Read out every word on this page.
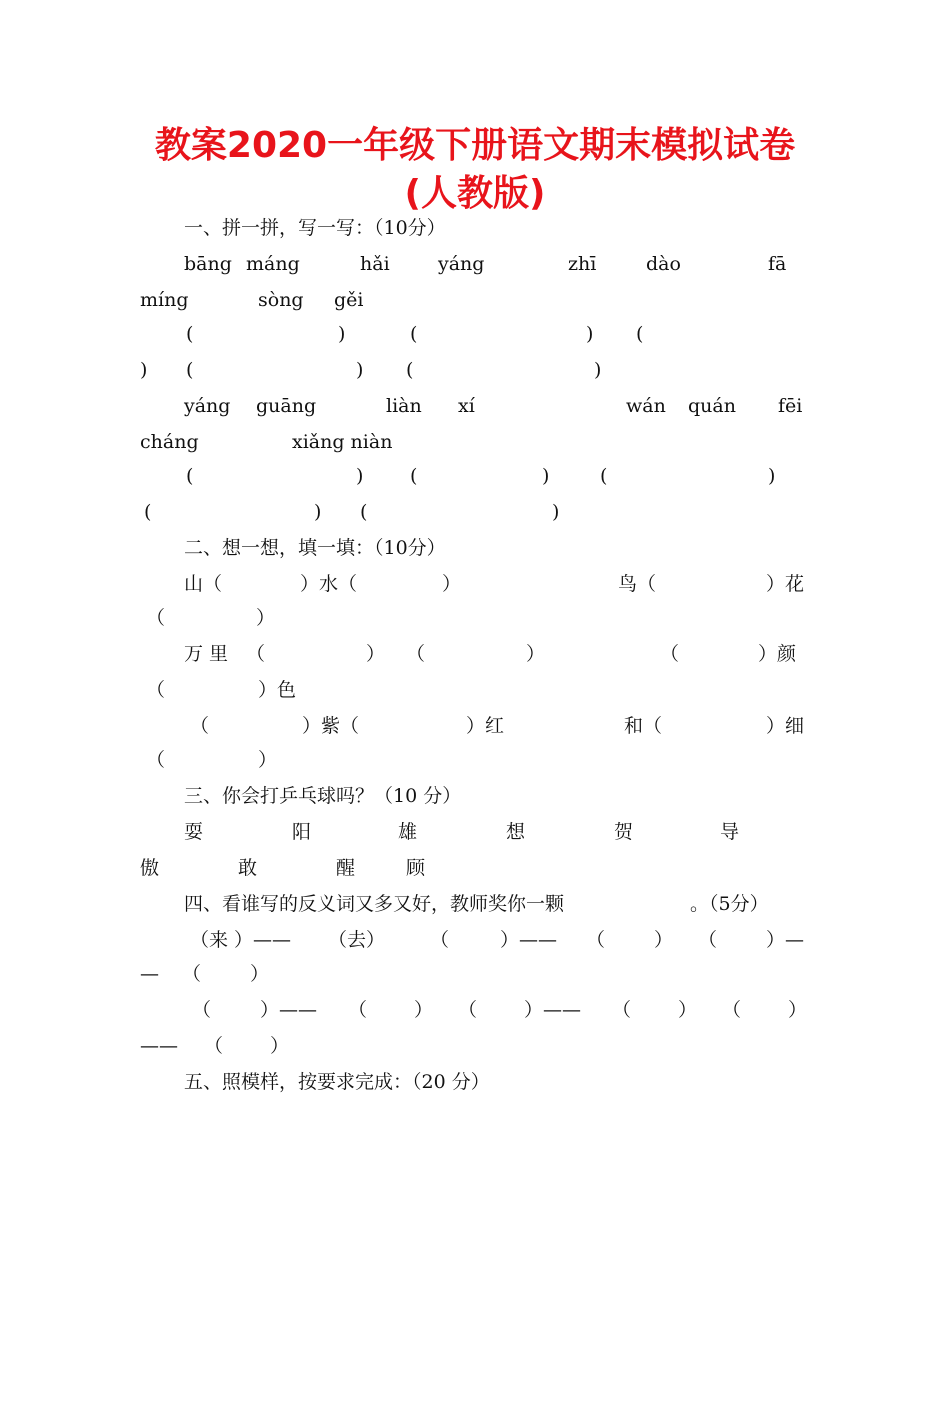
教案2020一年级下册语文期末模拟试卷
(人教版)

一、拼一拼，写一写：（10分）

bāng

máng

	hǎi

	yáng

	zhī

	dào

	fā

míng

	sòng

gěi

(

	)

	(

	)

(

)

(

	)

(

	)

yáng

guāng

	liàn

xí

	wán

quán

fēi

cháng

	xiǎng niàn

(

	)

(

	)

	(

	)

(

	)

(

	)

二、想一想，填一填：（10分）

山（

	）水（

	）

	鸟（

	）花

（

	）

万 里

（

	）

（

	）

	（

	）颜

（

	）色

（

	）紫（

	）红

	和（

	）细

（

	）

三、你会打乒乓球吗？（10 分）

耍

	阳

	雄

	想

	贺

	导

傲

	敢

	醒

	顾

四、看谁写的反义词又多又好，教师奖你一颗

	。（5分）

（来 ）——

（去）

（

	）——

（

	）

（

	）—

—

（

	）

（

	）——

（

）

（

）——

（

）

（

）

——

（

）

五、照模样，按要求完成：（20 分）
